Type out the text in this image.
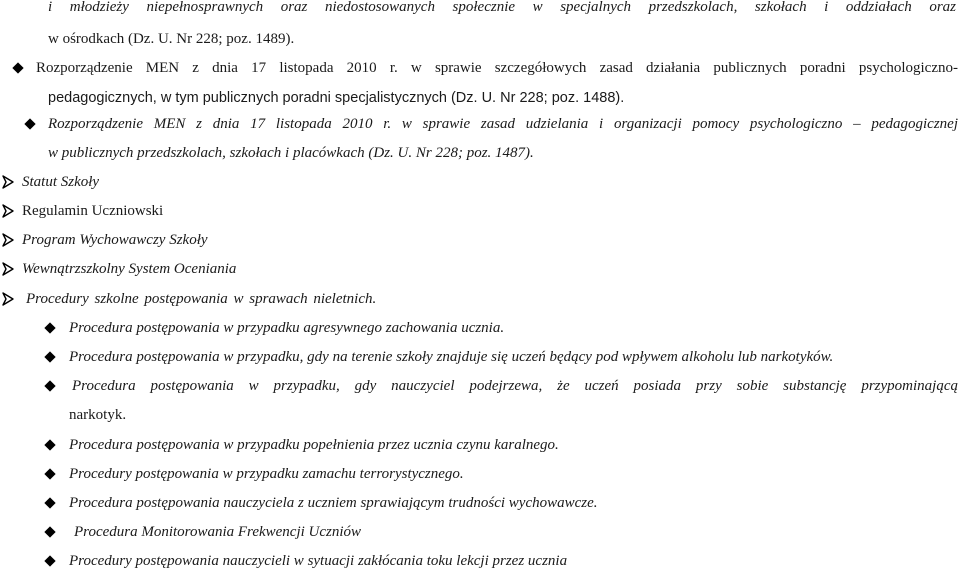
i młodzieży niepełnosprawnych oraz niedostosowanych społecznie w specjalnych przedszkolach, szkołach i oddziałach oraz
w ośrodkach (Dz. U. Nr 228; poz. 1489).
Rozporządzenie MEN z dnia 17 listopada 2010 r. w sprawie szczegółowych zasad działania publicznych poradni psychologiczno-
pedagogicznych, w tym publicznych poradni specjalistycznych (Dz. U. Nr 228; poz. 1488).
Rozporządzenie MEN z dnia 17 listopada 2010 r. w sprawie zasad udzielania i organizacji pomocy psychologiczno – pedagogicznej
w publicznych przedszkolach, szkołach i placówkach (Dz. U. Nr 228; poz. 1487).
Statut Szkoły
Regulamin Uczniowski
Program Wychowawczy Szkoły
Wewnątrzszkolny System Oceniania
Procedury szkolne postępowania w sprawach nieletnich.
Procedura postępowania w przypadku agresywnego zachowania ucznia.
Procedura postępowania w przypadku, gdy na terenie szkoły znajduje się uczeń będący pod wpływem alkoholu lub narkotyków.
Procedura postępowania w przypadku, gdy nauczyciel podejrzewa, że uczeń posiada przy sobie substancję przypominającą
narkotyk.
Procedura postępowania w przypadku popełnienia przez ucznia czynu karalnego.
Procedury postępowania w przypadku zamachu terrorystycznego.
Procedura postępowania nauczyciela z uczniem sprawiającym trudności wychowawcze.
Procedura Monitorowania Frekwencji Uczniów
Procedury postępowania nauczycieli w sytuacji zakłócania toku lekcji przez ucznia
